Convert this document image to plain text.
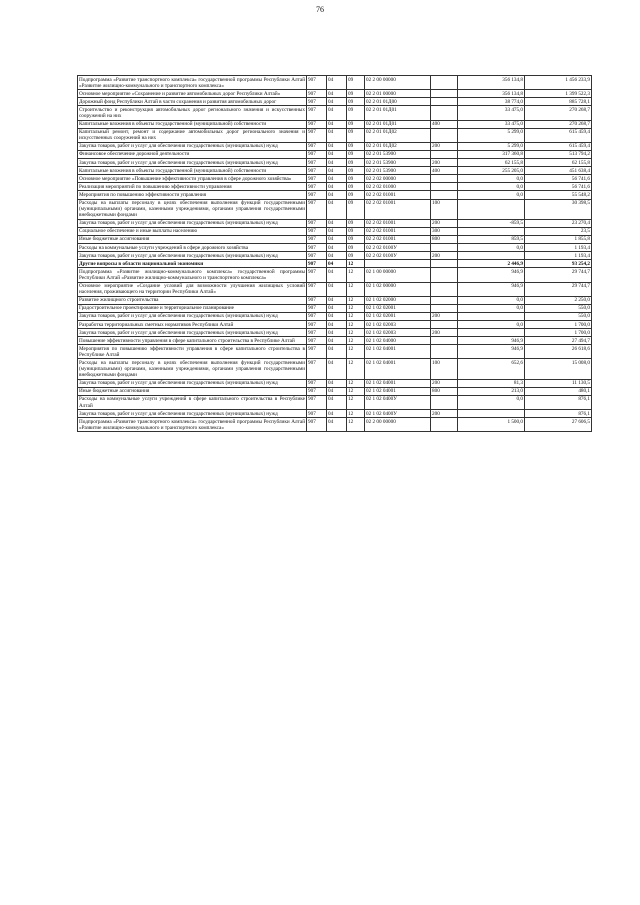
76
Подпрограмма «Развитие транспортного комплекса» государственной программы Республики Алтай «Развитие жилищно-коммунального и транспортного комплекса»	907	04	09	02 2 00 00000		356 134,8	1 456 233,9
Основное мероприятие «Сохранение и развитие автомобильных дорог Республики Алтай»	907	04	09	02 2 01 00000		356 134,8	1 399 522,3
Дорожный фонд Республики Алтай в части сохранения и развития автомобильных дорог	907	04	09	02 2 01 01Д00		38 774,0	885 728,1
Строительство и реконструкция автомобильных дорог регионального значения и искусственных сооружений на них	907	04	09	02 2 01 01Д01		33 475,0	270 268,7
Капитальные вложения в объекты государственной (муниципальной) собственности	907	04	09	02 2 01 01Д01	400	33 475,0	270 268,7
Капитальный ремонт, ремонт и содержание автомобильных дорог регионального значения и искусственных сооружений на них	907	04	09	02 2 01 01Д02		5 299,0	615 459,4
Закупка товаров, работ и услуг для обеспечения государственных (муниципальных) нужд	907	04	09	02 2 01 01Д02	200	5 299,0	615 459,4
Финансовое обеспечение дорожной деятельности	907	04	09	02 2 01 53900		317 360,8	513 794,2
Закупка товаров, работ и услуг для обеспечения государственных (муниципальных) нужд	907	04	09	02 2 01 53900	200	62 155,8	62 155,8
Капитальные вложения в объекты государственной (муниципальной) собственности	907	04	09	02 2 01 53900	400	255 205,0	451 638,4
Основное мероприятие «Повышение эффективности управления в сфере дорожного хозяйства»	907	04	09	02 2 02 00000		0,0	56 741,6
Реализация мероприятий по повышению эффективности управления	907	04	09	02 2 02 01000		0,0	56 741,6
Мероприятия по повышению эффективности управления	907	04	09	02 2 02 01001		0,0	55 548,2
Расходы на выплаты персоналу в целях обеспечения выполнения функций государственными (муниципальными) органами, казенными учреждениями, органами управления государственными внебюджетными фондами	907	04	09	02 2 02 01001	100		30 398,5
Закупка товаров, работ и услуг для обеспечения государственных (муниципальных) нужд	907	04	09	02 2 02 01001	200	-859,5	23 270,4
Социальное обеспечение и иные выплаты населению	907	04	09	02 2 02 01001	300		23,5
Иные бюджетные ассигнования	907	04	09	02 2 02 01001	800	859,5	1 855,8
Расходы на коммунальные услуги учреждений в сфере дорожного хозяйства	907	04	09	02 2 02 0100У		0,0	1 193,4
Закупка товаров, работ и услуг для обеспечения государственных (муниципальных) нужд	907	04	09	02 2 02 0100У	200		1 193,4
Другие вопросы в области национальной экономики	907	04	12			2 446,9	93 254,2
Подпрограмма «Развитие жилищно-коммунального комплекса» государственной программы Республики Алтай «Развитие жилищно-коммунального и транспортного комплекса»	907	04	12	02 1 00 00000		946,9	29 744,7
Основное мероприятие «Создание условий для возможности улучшения жилищных условий населения, проживающего на территории Республики Алтай»	907	04	12	02 1 02 00000		946,9	29 744,7
Развитие жилищного строительства	907	04	12	02 1 02 02000		0,0	2 250,0
Градостроительное проектирование и территориальное планирование	907	04	12	02 1 02 02001		0,0	550,0
Закупка товаров, работ и услуг для обеспечения государственных (муниципальных) нужд	907	04	12	02 1 02 02001	200		550,0
Разработка территориальных сметных нормативов Республики Алтай	907	04	12	02 1 02 02003		0,0	1 700,0
Закупка товаров, работ и услуг для обеспечения государственных (муниципальных) нужд	907	04	12	02 1 02 02003	200		1 700,0
Повышение эффективности управления в сфере капитального строительства в Республике Алтай	907	04	12	02 1 02 04000		946,9	27 494,7
Мероприятия по повышению эффективности управления в сфере капитального строительства в Республике Алтай	907	04	12	02 1 02 04001		946,9	26 618,6
Расходы на выплаты персоналу в целях обеспечения выполнения функций государственными (муниципальными) органами, казенными учреждениями, органами управления государственными внебюджетными фондами	907	04	12	02 1 02 04001	100	652,6	15 008,0
Закупка товаров, работ и услуг для обеспечения государственных (муниципальных) нужд	907	04	12	02 1 02 04001	200	81,3	11 130,5
Иные бюджетные ассигнования	907	04	12	02 1 02 04001	800	213,0	480,1
Расходы на коммунальные услуги учреждений в сфере капитального строительства в Республике Алтай	907	04	12	02 1 02 0400У		0,0	876,1
Закупка товаров, работ и услуг для обеспечения государственных (муниципальных) нужд	907	04	12	02 1 02 0400У	200		876,1
Подпрограмма «Развитие транспортного комплекса» государственной программы Республики Алтай «Развитие жилищно-коммунального и транспортного комплекса»	907	04	12	02 2 00 00000		1 500,0	27 606,5
